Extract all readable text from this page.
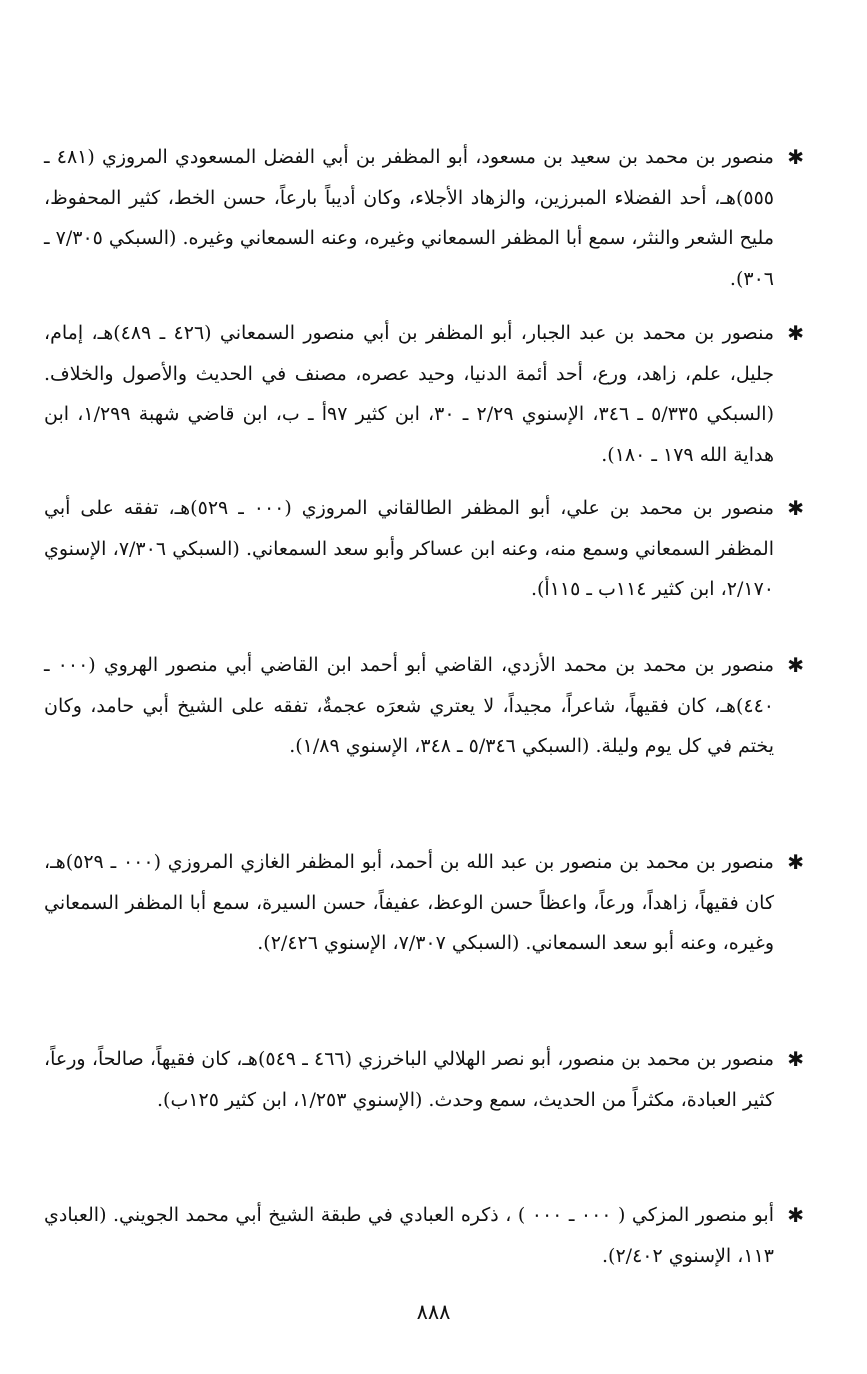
✱
منصور بن محمد بن سعيد بن مسعود، أبو المظفر بن أبي الفضل المسعودي المروزي (٤٨١ ـ ٥٥٥)هـ، أحد الفضلاء المبرزين، والزهاد الأجلاء، وكان أديباً بارعاً، حسن الخط، كثير المحفوظ، مليح الشعر والنثر، سمع أبا المظفر السمعاني وغيره، وعنه السمعاني وغيره. (السبكي ٧/٣٠٥ ـ ٣٠٦).
✱
منصور بن محمد بن عبد الجبار، أبو المظفر بن أبي منصور السمعاني (٤٢٦ ـ ٤٨٩)هـ، إمام، جليل، علم، زاهد، ورع، أحد أئمة الدنيا، وحيد عصره، مصنف في الحديث والأصول والخلاف. (السبكي ٥/٣٣٥ ـ ٣٤٦، الإسنوي ٢/٢٩ ـ ٣٠، ابن كثير ٩٧أ ـ ب، ابن قاضي شهبة ١/٢٩٩، ابن هداية الله ١٧٩ ـ ١٨٠).
✱
منصور بن محمد بن علي، أبو المظفر الطالقاني المروزي (٠٠٠ ـ ٥٢٩)هـ، تفقه على أبي المظفر السمعاني وسمع منه، وعنه ابن عساكر وأبو سعد السمعاني. (السبكي ٧/٣٠٦، الإسنوي ٢/١٧٠، ابن كثير ١١٤ب ـ ١١٥أ).
✱
منصور بن محمد بن محمد الأزدي، القاضي أبو أحمد ابن القاضي أبي منصور الهروي (٠٠٠ ـ ٤٤٠)هـ، كان فقيهاً، شاعراً، مجيداً، لا يعتري شعرَه عجمةٌ، تفقه على الشيخ أبي حامد، وكان يختم في كل يوم وليلة. (السبكي ٥/٣٤٦ ـ ٣٤٨، الإسنوي ١/٨٩).
✱
منصور بن محمد بن منصور بن عبد الله بن أحمد، أبو المظفر الغازي المروزي (٠٠٠ ـ ٥٢٩)هـ، كان فقيهاً، زاهداً، ورعاً، واعظاً حسن الوعظ، عفيفاً، حسن السيرة، سمع أبا المظفر السمعاني وغيره، وعنه أبو سعد السمعاني. (السبكي ٧/٣٠٧، الإسنوي ٢/٤٢٦).
✱
منصور بن محمد بن منصور، أبو نصر الهلالي الباخرزي (٤٦٦ ـ ٥٤٩)هـ، كان فقيهاً، صالحاً، ورعاً، كثير العبادة، مكثراً من الحديث، سمع وحدث. (الإسنوي ١/٢٥٣، ابن كثير ١٢٥ب).
✱
أبو منصور المزكي ( ٠٠٠ ـ ٠٠٠ ) ، ذكره العبادي في طبقة الشيخ أبي محمد الجويني. (العبادي ١١٣، الإسنوي ٢/٤٠٢).
٨٨٨
